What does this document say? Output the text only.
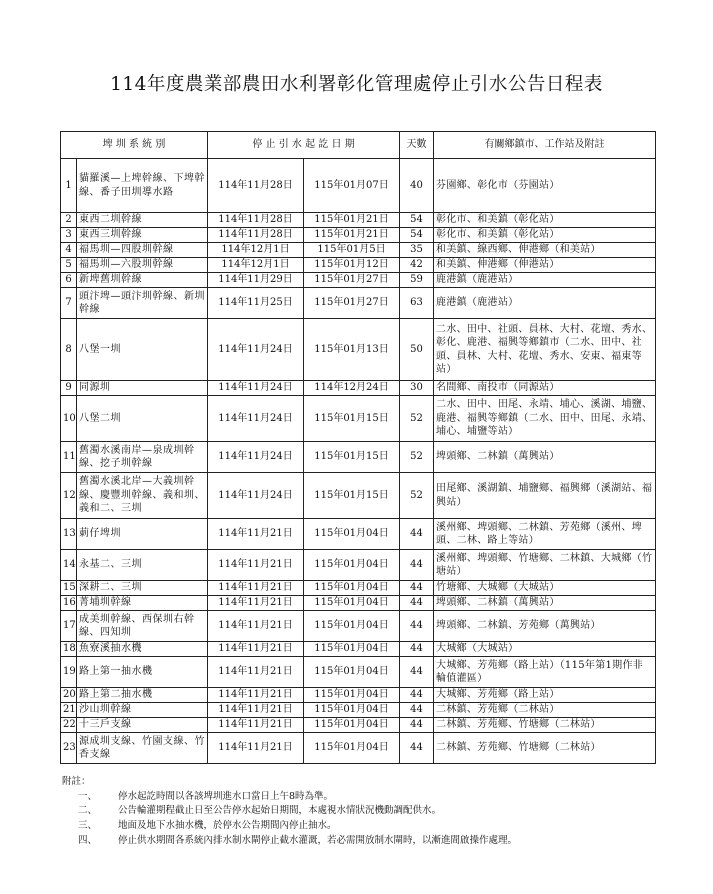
114年度農業部農田水利署彰化管理處停止引水公告日程表
埤 圳 系 統 別		停 止 引 水 起 訖 日 期		天數	有關鄉鎮市、工作站及附註
1	貓羅溪—上埤幹線、下埤幹線、番子田圳導水路	114年11月28日	115年01月07日	40	芬園鄉、彰化市（芬園站）
2	東西二圳幹線	114年11月28日	115年01月21日	54	彰化市、和美鎮（彰化站）
3	東西三圳幹線	114年11月28日	115年01月21日	54	彰化市、和美鎮（彰化站）
4	福馬圳—四股圳幹線	114年12月1日	115年01月5日	35	和美鎮、線西鄉、伸港鄉（和美站）
5	福馬圳—六股圳幹線	114年12月1日	115年01月12日	42	和美鎮、伸港鄉（伸港站）
6	新埤舊圳幹線	114年11月29日	115年01月27日	59	鹿港鎮（鹿港站）
7	頭汴埤—頭汴圳幹線、新圳幹線	114年11月25日	115年01月27日	63	鹿港鎮（鹿港站）
8	八堡一圳	114年11月24日	115年01月13日	50	二水、田中、社頭、員林、大村、花壇、秀水、彰化、鹿港、福興等鄉鎮市（二水、田中、社頭、員林、大村、花壇、秀水、安東、福東等站）
9	同源圳	114年11月24日	114年12月24日	30	名間鄉、南投市（同源站）
10	八堡二圳	114年11月24日	115年01月15日	52	二水、田中、田尾、永靖、埔心、溪湖、埔鹽、鹿港、福興等鄉鎮（二水、田中、田尾、永靖、埔心、埔鹽等站）
11	舊濁水溪南岸—泉成圳幹線、挖子圳幹線	114年11月24日	115年01月15日	52	埤頭鄉、二林鎮（萬興站）
12	舊濁水溪北岸—大義圳幹線、慶豐圳幹線、義和圳、義和二、三圳	114年11月24日	115年01月15日	52	田尾鄉、溪湖鎮、埔鹽鄉、福興鄉（溪湖站、福興站）
13	莿仔埤圳	114年11月21日	115年01月04日	44	溪州鄉、埤頭鄉、二林鎮、芳苑鄉（溪州、埤頭、二林、路上等站）
14	永基二、三圳	114年11月21日	115年01月04日	44	溪州鄉、埤頭鄉、竹塘鄉、二林鎮、大城鄉（竹塘站）
15	深耕二、三圳	114年11月21日	115年01月04日	44	竹塘鄉、大城鄉（大城站）
16	菁埔圳幹線	114年11月21日	115年01月04日	44	埤頭鄉、二林鎮（萬興站）
17	成美圳幹線、西保圳右幹線、四知圳	114年11月21日	115年01月04日	44	埤頭鄉、二林鎮、芳苑鄉（萬興站）
18	魚寮溪抽水機	114年11月21日	115年01月04日	44	大城鄉（大城站）
19	路上第一抽水機	114年11月21日	115年01月04日	44	大城鄉、芳苑鄉（路上站）（115年第1期作非輪值灌區）
20	路上第二抽水機	114年11月21日	115年01月04日	44	大城鄉、芳苑鄉（路上站）
21	沙山圳幹線	114年11月21日	115年01月04日	44	二林鎮、芳苑鄉（二林站）
22	十三戶支線	114年11月21日	115年01月04日	44	二林鎮、芳苑鄉、竹塘鄉（二林站）
23	源成圳支線、竹園支線、竹香支線	114年11月21日	115年01月04日	44	二林鎮、芳苑鄉、竹塘鄉（二林站）
附註：
一、	停水起訖時間以各該埤圳進水口當日上午8時為準。
二、	公告輪灌期程截止日至公告停水起始日期間，本處視水情狀況機動調配供水。
三、	地面及地下水抽水機，於停水公告期間內停止抽水。
四、	停止供水期間各系統內排水制水閘停止截水灌溉，若必需開放制水閘時，以漸進間啟操作處理。
